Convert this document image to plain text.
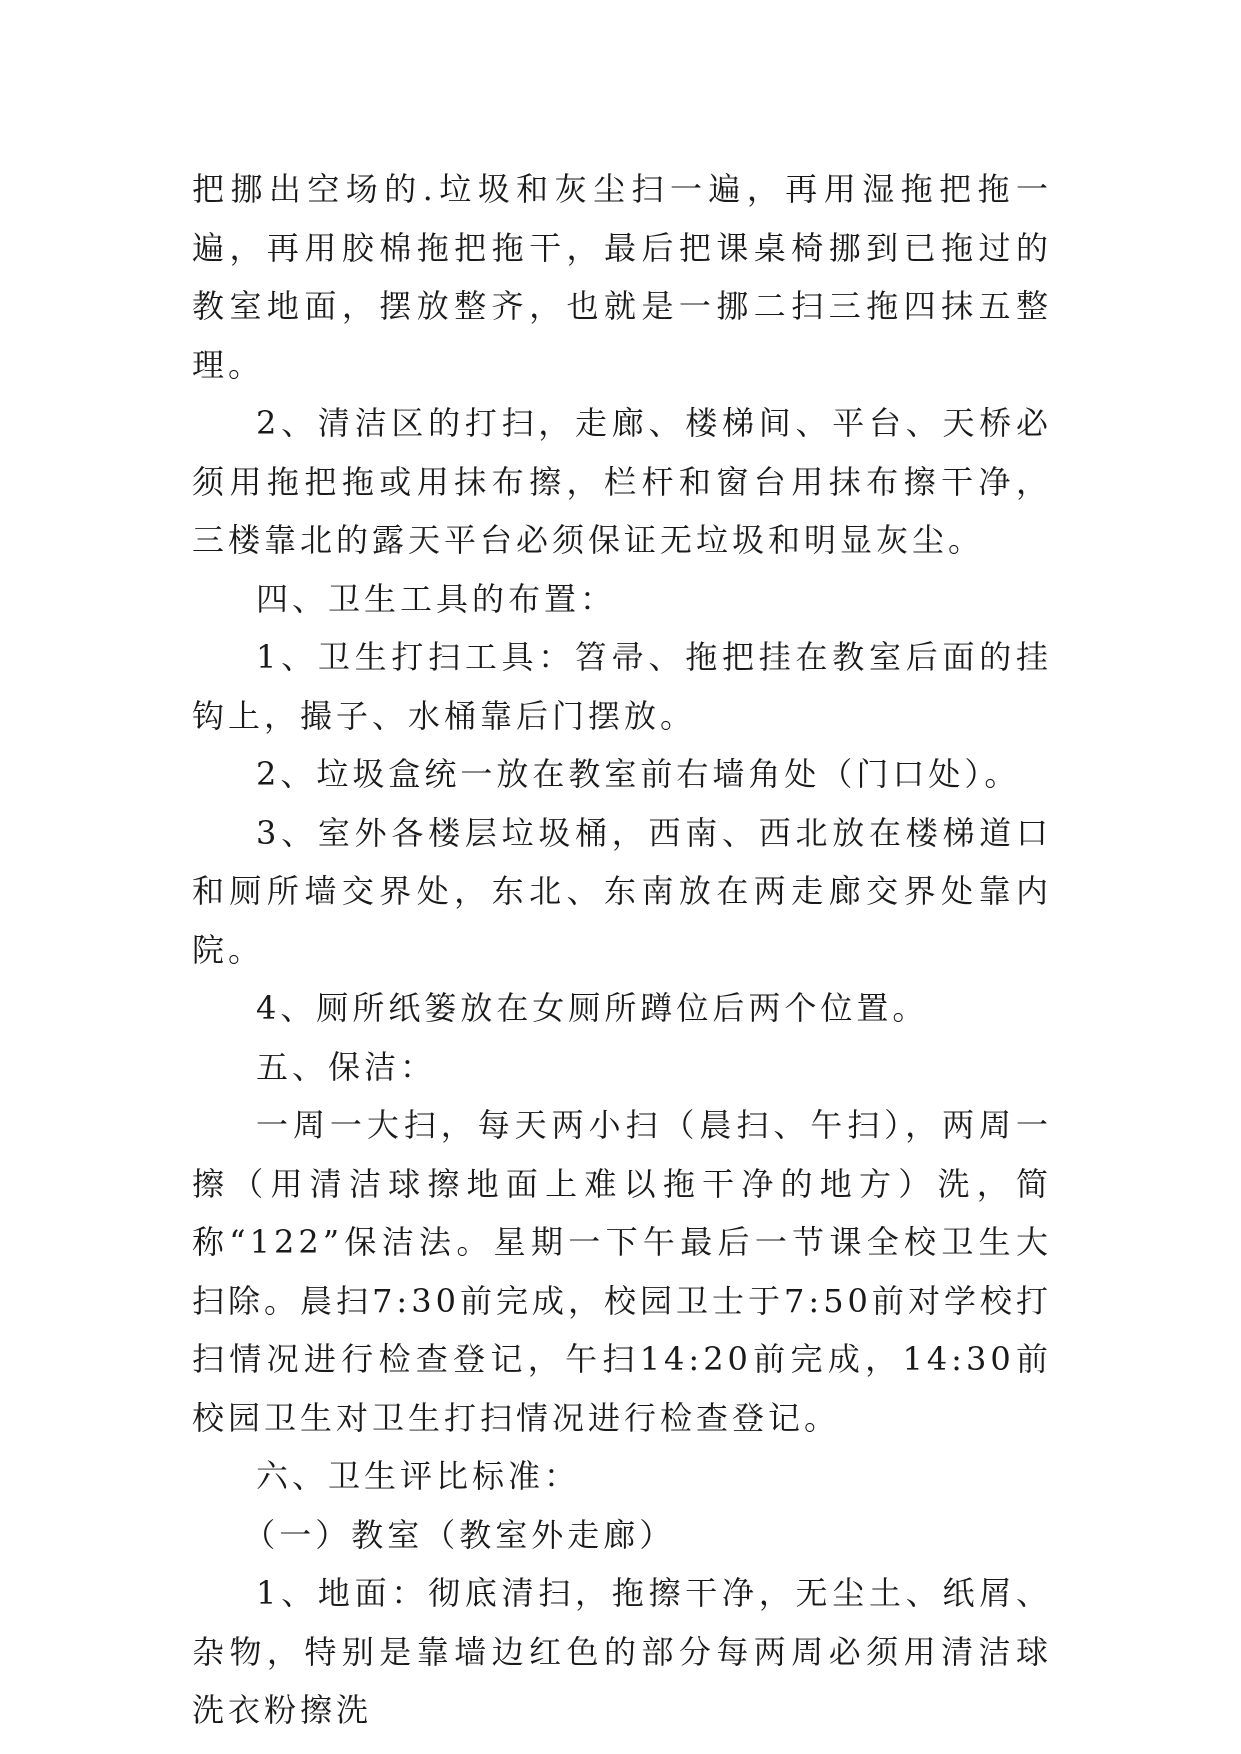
把挪出空场的.垃圾和灰尘扫一遍，再用湿拖把拖一遍，再用胶棉拖把拖干，最后把课桌椅挪到已拖过的教室地面，摆放整齐，也就是一挪二扫三拖四抹五整理。

2、清洁区的打扫，走廊、楼梯间、平台、天桥必须用拖把拖或用抹布擦，栏杆和窗台用抹布擦干净，三楼靠北的露天平台必须保证无垃圾和明显灰尘。

四、卫生工具的布置：

1、卫生打扫工具：笤帚、拖把挂在教室后面的挂钩上，撮子、水桶靠后门摆放。

2、垃圾盒统一放在教室前右墙角处（门口处）。

3、室外各楼层垃圾桶，西南、西北放在楼梯道口和厕所墙交界处，东北、东南放在两走廊交界处靠内院。

4、厕所纸篓放在女厕所蹲位后两个位置。

五、保洁：

一周一大扫，每天两小扫（晨扫、午扫），两周一擦（用清洁球擦地面上难以拖干净的地方）洗，简称“122”保洁法。星期一下午最后一节课全校卫生大扫除。晨扫7:30前完成，校园卫士于7:50前对学校打扫情况进行检查登记，午扫14:20前完成，14:30前校园卫生对卫生打扫情况进行检查登记。

六、卫生评比标准：

（一）教室（教室外走廊）

1、地面：彻底清扫，拖擦干净，无尘土、纸屑、杂物，特别是靠墙边红色的部分每两周必须用清洁球洗衣粉擦洗
